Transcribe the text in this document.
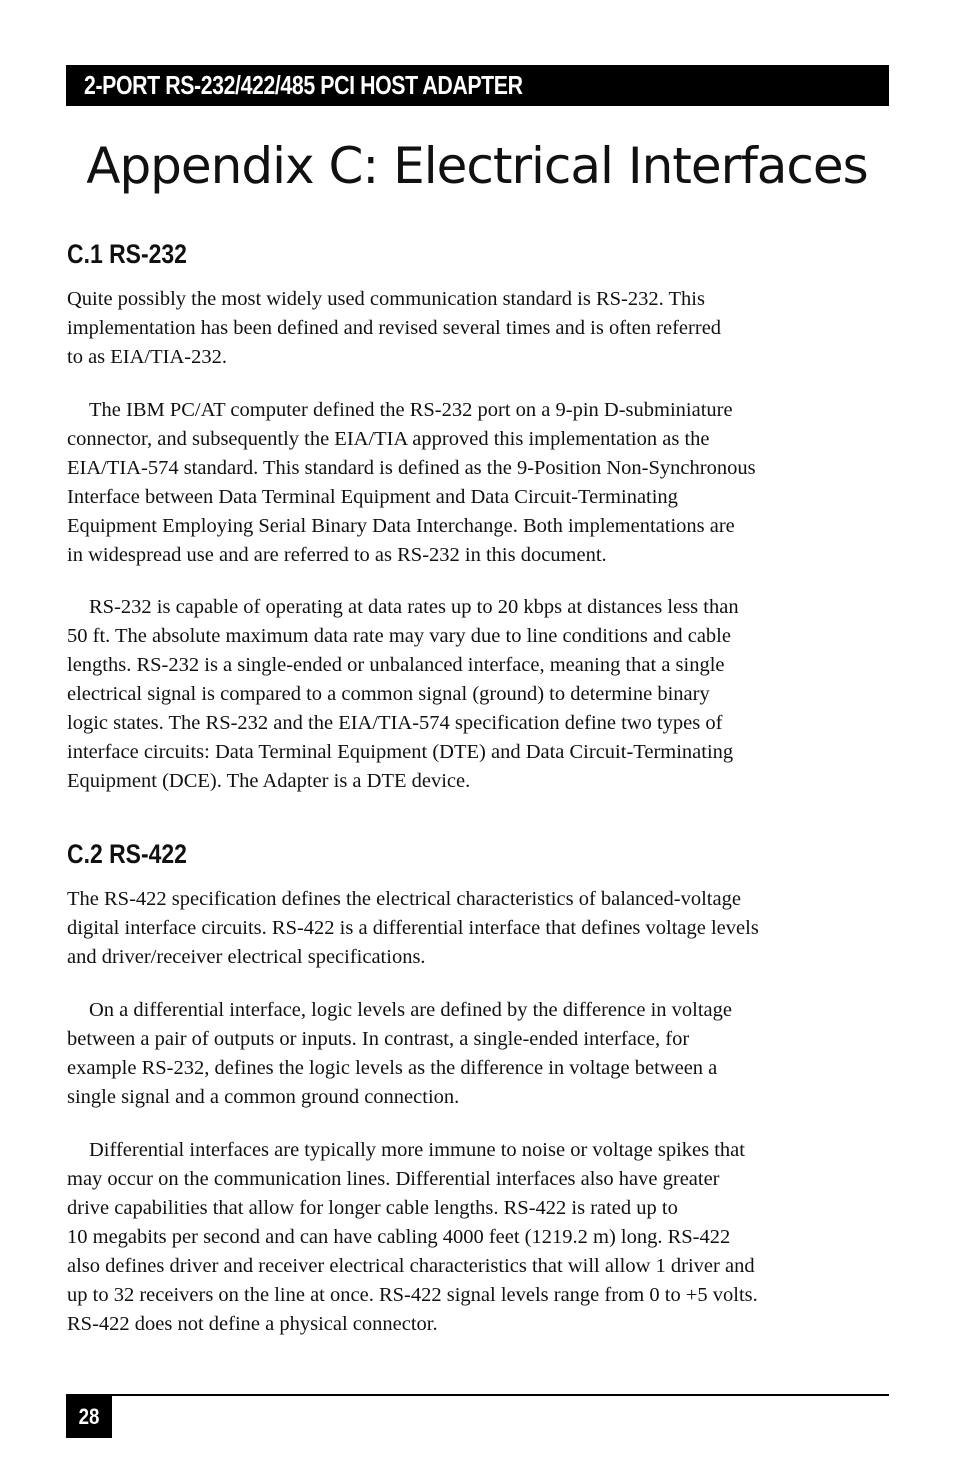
2-PORT RS-232/422/485 PCI HOST ADAPTER
Appendix C: Electrical Interfaces
C.1 RS-232

Quite possibly the most widely used communication standard is RS-232. This
implementation has been defined and revised several times and is often referred
to as EIA/TIA-232.

The IBM PC/AT computer defined the RS-232 port on a 9-pin D-subminiature
connector, and subsequently the EIA/TIA approved this implementation as the
EIA/TIA-574 standard. This standard is defined as the 9-Position Non-Synchronous
Interface between Data Terminal Equipment and Data Circuit-Terminating
Equipment Employing Serial Binary Data Interchange. Both implementations are
in widespread use and are referred to as RS-232 in this document.

RS-232 is capable of operating at data rates up to 20 kbps at distances less than
50 ft. The absolute maximum data rate may vary due to line conditions and cable
lengths. RS-232 is a single-ended or unbalanced interface, meaning that a single
electrical signal is compared to a common signal (ground) to determine binary
logic states. The RS-232 and the EIA/TIA-574 specification define two types of
interface circuits: Data Terminal Equipment (DTE) and Data Circuit-Terminating
Equipment (DCE). The Adapter is a DTE device.

C.2 RS-422

The RS-422 specification defines the electrical characteristics of balanced-voltage
digital interface circuits. RS-422 is a differential interface that defines voltage levels
and driver/receiver electrical specifications.

On a differential interface, logic levels are defined by the difference in voltage
between a pair of outputs or inputs. In contrast, a single-ended interface, for
example RS-232, defines the logic levels as the difference in voltage between a
single signal and a common ground connection.

Differential interfaces are typically more immune to noise or voltage spikes that
may occur on the communication lines. Differential interfaces also have greater
drive capabilities that allow for longer cable lengths. RS-422 is rated up to
10 megabits per second and can have cabling 4000 feet (1219.2 m) long. RS-422
also defines driver and receiver electrical characteristics that will allow 1 driver and
up to 32 receivers on the line at once. RS-422 signal levels range from 0 to +5 volts.
RS-422 does not define a physical connector.

28
